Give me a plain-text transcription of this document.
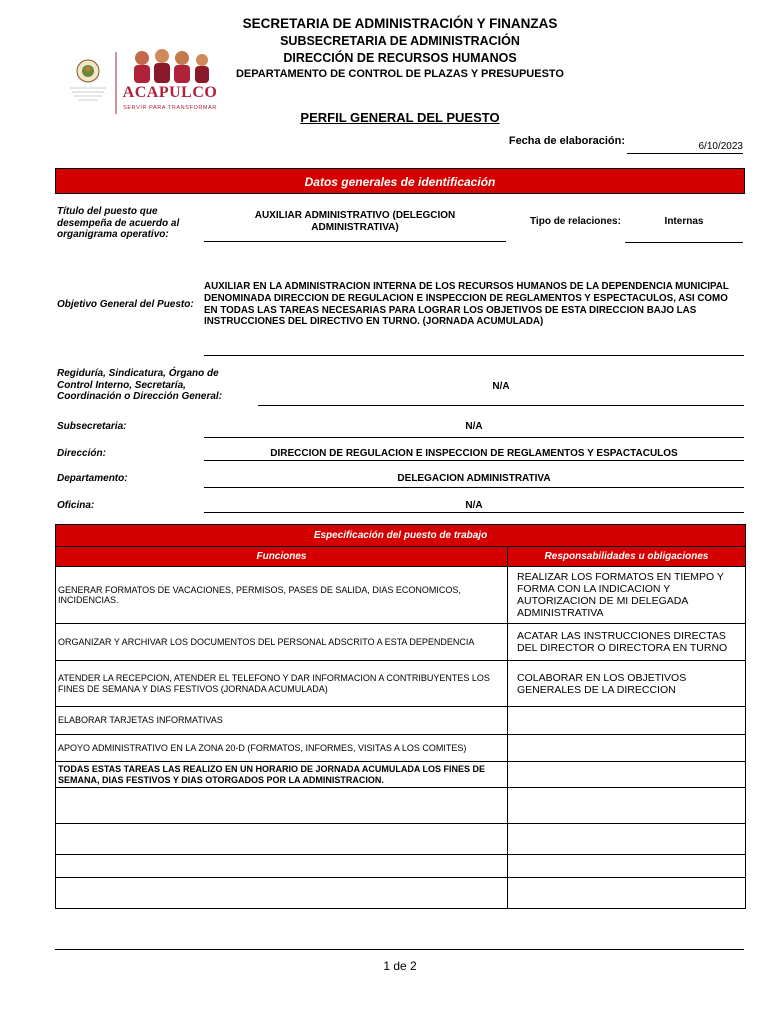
SECRETARIA DE ADMINISTRACIÓN Y FINANZAS
SUBSECRETARIA DE ADMINISTRACIÓN
DIRECCIÓN DE RECURSOS HUMANOS
DEPARTAMENTO DE CONTROL DE PLAZAS Y PRESUPUESTO
ACAPULCO
SERVIR PARA TRANSFORMAR
PERFIL GENERAL DEL PUESTO
Fecha de elaboración:	6/10/2023
Datos generales de identificación
Título del puesto que desempeña de acuerdo al organigrama operativo:
AUXILIAR ADMINISTRATIVO (DELEGCION ADMINISTRATIVA)	Tipo de relaciones:	Internas
Objetivo General del Puesto:
AUXILIAR EN LA ADMINISTRACION INTERNA DE LOS RECURSOS HUMANOS DE LA DEPENDENCIA MUNICIPAL DENOMINADA DIRECCION DE REGULACION E INSPECCION DE REGLAMENTOS Y ESPECTACULOS, ASI COMO EN TODAS LAS TAREAS NECESARIAS PARA LOGRAR LOS OBJETIVOS DE ESTA DIRECCION BAJO LAS INSTRUCCIONES DEL DIRECTIVO EN TURNO. (JORNADA ACUMULADA)
Regiduría, Sindicatura, Órgano de Control Interno, Secretaría, Coordinación o Dirección General:
N/A
Subsecretaria:	N/A
Dirección:	DIRECCION DE REGULACION E INSPECCION DE REGLAMENTOS Y ESPACTACULOS
Departamento:	DELEGACION ADMINISTRATIVA
Oficina:	N/A
Especificación del puesto de trabajo	
Funciones	Responsabilidades u obligaciones
GENERAR FORMATOS DE VACACIONES, PERMISOS, PASES DE SALIDA, DIAS ECONOMICOS, INCIDENCIAS.	REALIZAR LOS FORMATOS EN TIEMPO Y FORMA CON LA INDICACION Y AUTORIZACION DE MI DELEGADA ADMINISTRATIVA
ORGANIZAR Y ARCHIVAR LOS DOCUMENTOS DEL PERSONAL ADSCRITO A ESTA DEPENDENCIA	ACATAR LAS INSTRUCCIONES DIRECTAS DEL DIRECTOR O DIRECTORA EN TURNO
ATENDER LA RECEPCION, ATENDER EL TELEFONO Y DAR INFORMACION A CONTRIBUYENTES LOS FINES DE SEMANA Y DIAS FESTIVOS (JORNADA ACUMULADA)	COLABORAR EN LOS OBJETIVOS GENERALES DE LA DIRECCION
ELABORAR TARJETAS INFORMATIVAS	
APOYO ADMINISTRATIVO EN LA ZONA 20-D (FORMATOS, INFORMES, VISITAS A LOS COMITES)	
TODAS ESTAS TAREAS LAS REALIZO EN UN HORARIO DE JORNADA ACUMULADA LOS FINES DE SEMANA, DIAS FESTIVOS Y DIAS OTORGADOS POR LA ADMINISTRACION.	

1 de 2
